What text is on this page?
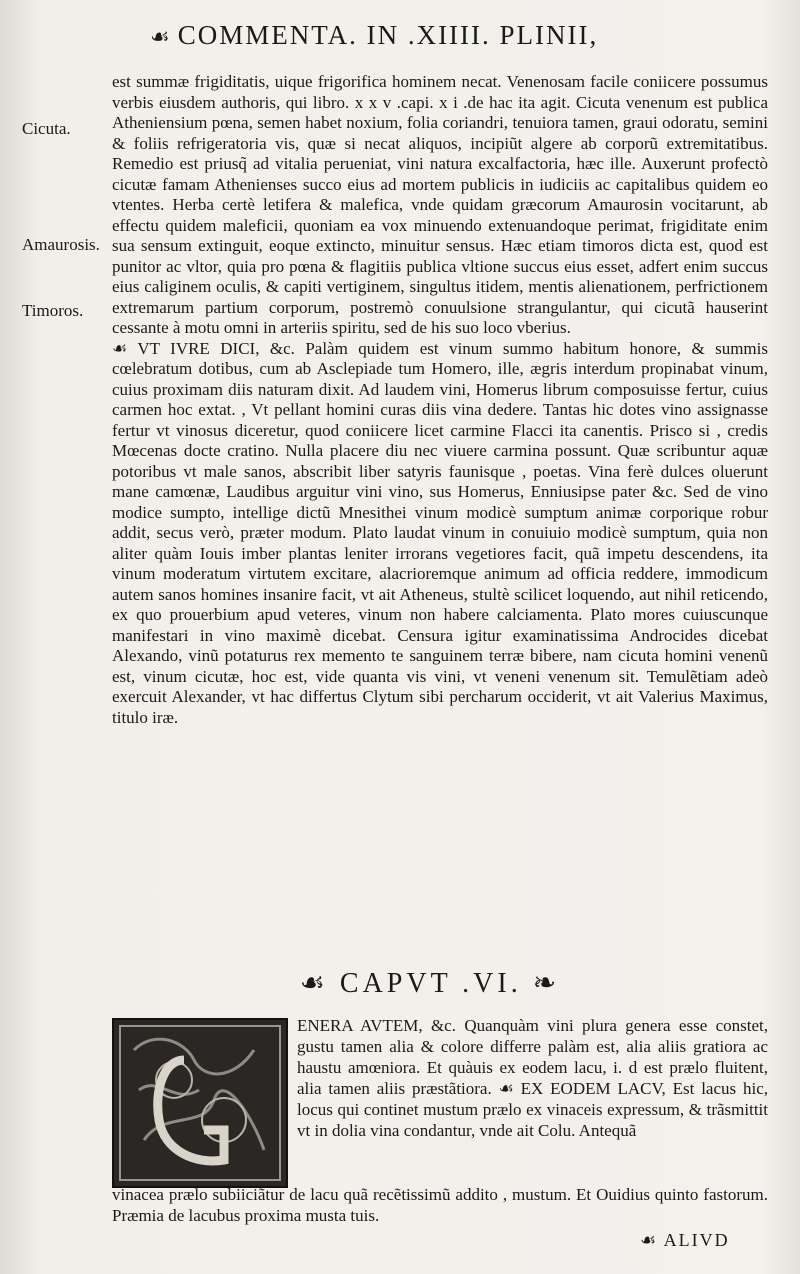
☙ COMMENTA. IN .XIIII. PLINII,
Cicuta.
Amaurosis.
Timoros.

est summæ frigiditatis, uique frigorifica hominem necat. Venenosam facile coniicere possumus verbis eiusdem authoris, qui libro. x x v .capi. x i .de hac ita agit. Cicuta venenum est publica Atheniensium pœna, semen habet noxium, folia coriandri, tenuiora tamen, graui odoratu, semini & foliis refrigeratoria vis, quæ si necat aliquos, incipiũt algere ab corporũ extremitatibus. Remedio est priusq̃ ad vitalia perueniat, vini natura excalfactoria, hæc ille. Auxerunt profectò cicutæ famam Athenienses succo eius ad mortem publicis in iudiciis ac capitalibus quidem eo vtentes. Herba certè letifera & malefica, vnde quidam græcorum Amaurosin vocitarunt, ab effectu quidem maleficii, quoniam ea vox minuendo extenuandoque perimat, frigiditate enim sua sensum extinguit, eoque extincto, minuitur sensus. Hæc etiam timoros dicta est, quod est punitor ac vltor, quia pro pœna & flagitiis publica vltione succus eius esset, adfert enim succus eius caliginem oculis, & capiti vertiginem, singultus itidem, mentis alienationem, perfrictionem extremarum partium corporum, postremò conuulsione strangulantur, qui cicutã hauserint cessante à motu omni in arteriis spiritu, sed de his suo loco vberius.

☙ VT IVRE DICI, &c. Palàm quidem est vinum summo habitum honore, & summis cœlebratum dotibus, cum ab Asclepiade tum Homero, ille, ægris interdum propinabat vinum, cuius proximam diis naturam dixit. Ad laudem vini, Homerus librum composuisse fertur, cuius carmen hoc extat. , Vt pellant homini curas diis vina dedere. Tantas hic dotes vino assignasse fertur vt vinosus diceretur, quod coniicere licet carmine Flacci ita canentis. Prisco si , credis Mœcenas docte cratino. Nulla placere diu nec viuere carmina possunt. Quæ scribuntur aquæ potoribus vt male sanos, abscribit liber satyris faunisque , poetas. Vina ferè dulces oluerunt mane camœnæ, Laudibus arguitur vini vino, sus Homerus, Enniusipse pater &c. Sed de vino modice sumpto, intellige dictũ Mnesithei vinum modicè sumptum animæ corporique robur addit, secus verò, præter modum. Plato laudat vinum in conuiuio modicè sumptum, quia non aliter quàm Iouis imber plantas leniter irrorans vegetiores facit, quã impetu descendens, ita vinum moderatum virtutem excitare, alacrioremque animum ad officia reddere, immodicum autem sanos homines insanire facit, vt ait Atheneus, stultè scilicet loquendo, aut nihil reticendo, ex quo prouerbium apud veteres, vinum non habere calciamenta. Plato mores cuiuscunque manifestari in vino maximè dicebat. Censura igitur examinatissima Androcides dicebat Alexando, vinũ potaturus rex memento te sanguinem terræ bibere, nam cicuta homini venenũ est, vinum cicutæ, hoc est, vide quanta vis vini, vt veneni venenum sit. Temulẽtiam adeò exercuit Alexander, vt hac differtus Clytum sibi percharum occiderit, vt ait Valerius Maximus, titulo iræ.

☙ CAPVT .VI. ❧
ENERA AVTEM, &c. Quanquàm vini plura genera esse constet, gustu tamen alia & colore differre palàm est, alia aliis gratiora ac haustu amœniora. Et quàuis ex eodem lacu, i. d est prælo fluitent, alia tamen aliis præstãtiora. ☙ EX EODEM LACV, Est lacus hic, locus qui continet mustum prælo ex vinaceis expressum, & trãsmittit vt in dolia vina condantur, vnde ait Colu. Antequã
vinacea prælo subiiciãtur de lacu quã recẽtissimũ addito , mustum. Et Ouidius quinto fastorum. Præmia de lacubus proxima musta tuis.
☙ ALIVD
